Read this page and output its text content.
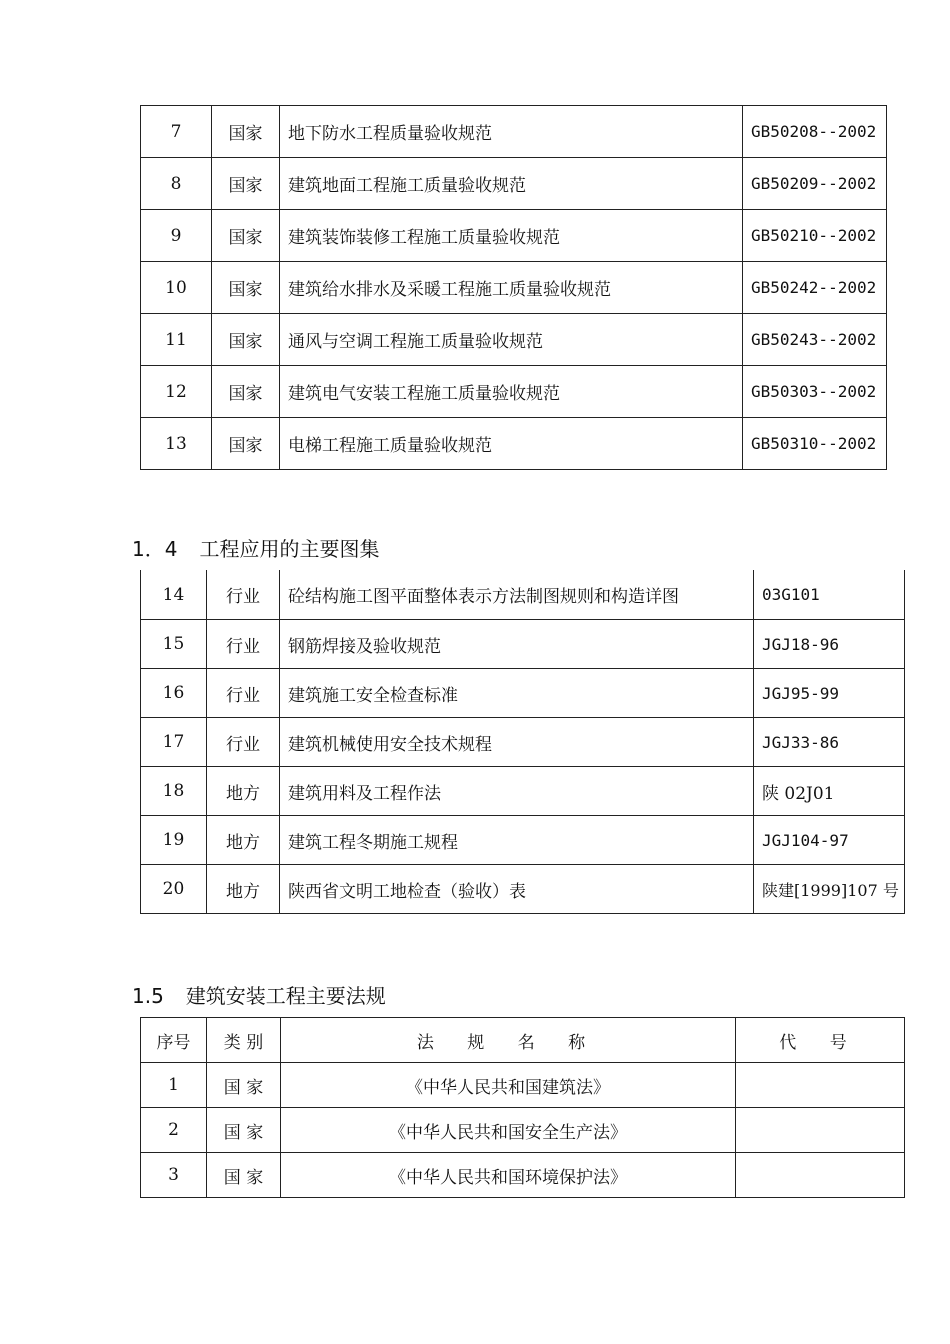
7	国家	地下防水工程质量验收规范	GB50208--2002
8	国家	建筑地面工程施工质量验收规范	GB50209--2002
9	国家	建筑装饰装修工程施工质量验收规范	GB50210--2002
10	国家	建筑给水排水及采暖工程施工质量验收规范	GB50242--2002
11	国家	通风与空调工程施工质量验收规范	GB50243--2002
12	国家	建筑电气安装工程施工质量验收规范	GB50303--2002
13	国家	电梯工程施工质量验收规范	GB50310--2002
1．4 工程应用的主要图集
14	行业	砼结构施工图平面整体表示方法制图规则和构造详图	03G101
15	行业	钢筋焊接及验收规范	JGJ18-96
16	行业	建筑施工安全检查标准	JGJ95-99
17	行业	建筑机械使用安全技术规程	JGJ33-86
18	地方	建筑用料及工程作法	陕 02J01
19	地方	建筑工程冬期施工规程	JGJ104-97
20	地方	陕西省文明工地检查（验收）表	陕建[1999]107 号
1.5 建筑安装工程主要法规
序号	类 别	法 规 名 称	代 号
1	国 家	《中华人民共和国建筑法》	
2	国 家	《中华人民共和国安全生产法》	
3	国 家	《中华人民共和国环境保护法》	
